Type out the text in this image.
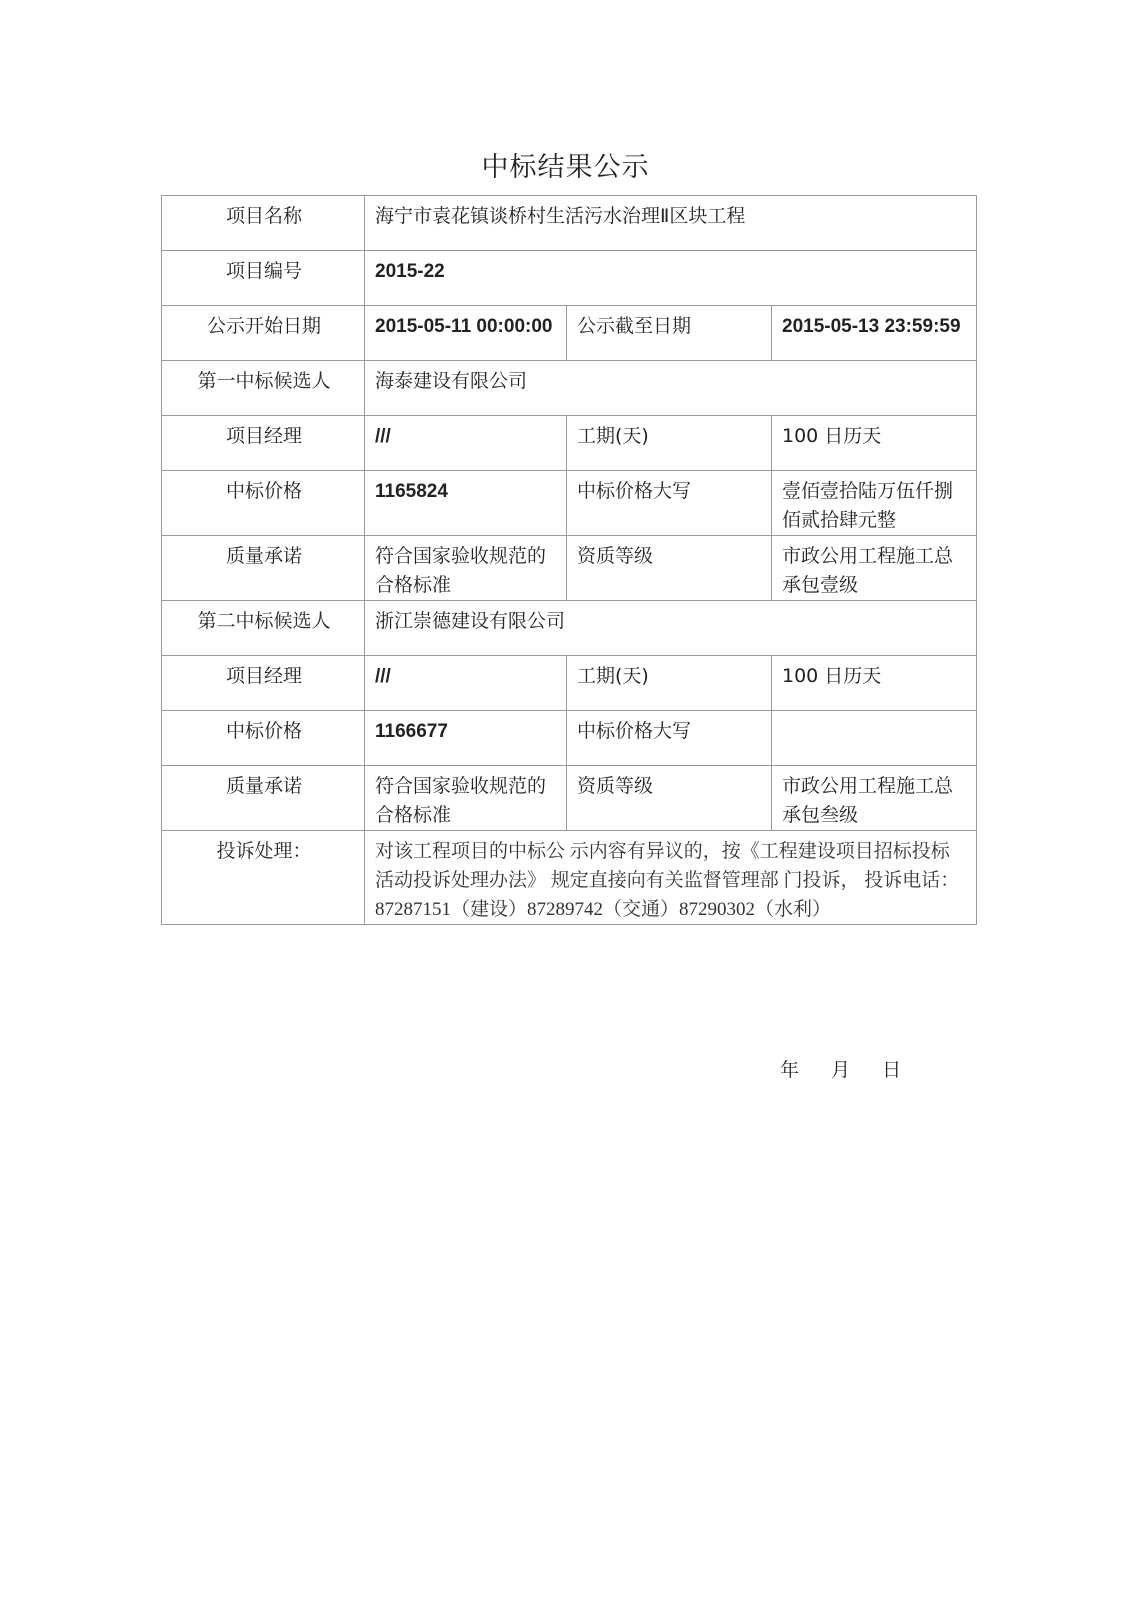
中标结果公示
项目名称	海宁市袁花镇谈桥村生活污水治理Ⅱ区块工程		
项目编号	2015-22		
公示开始日期	2015-05-11 00:00:00	公示截至日期	2015-05-13 23:59:59
第一中标候选人	海泰建设有限公司		
项目经理	///	工期(天)	100 日历天
中标价格	1165824	中标价格大写	壹佰壹拾陆万伍仟捌佰贰拾肆元整
质量承诺	符合国家验收规范的合格标准	资质等级	市政公用工程施工总承包壹级
第二中标候选人	浙江崇德建设有限公司		
项目经理	///	工期(天)	100 日历天
中标价格	1166677	中标价格大写	
质量承诺	符合国家验收规范的合格标准	资质等级	市政公用工程施工总承包叁级
投诉处理：	对该工程项目的中标公 示内容有异议的，按《工程建设项目招标投标活动投诉处理办法》 规定直接向有关监督管理部 门投诉， 投诉电话：87287151（建设）87289742（交通）87290302（水利）		
年 月 日
